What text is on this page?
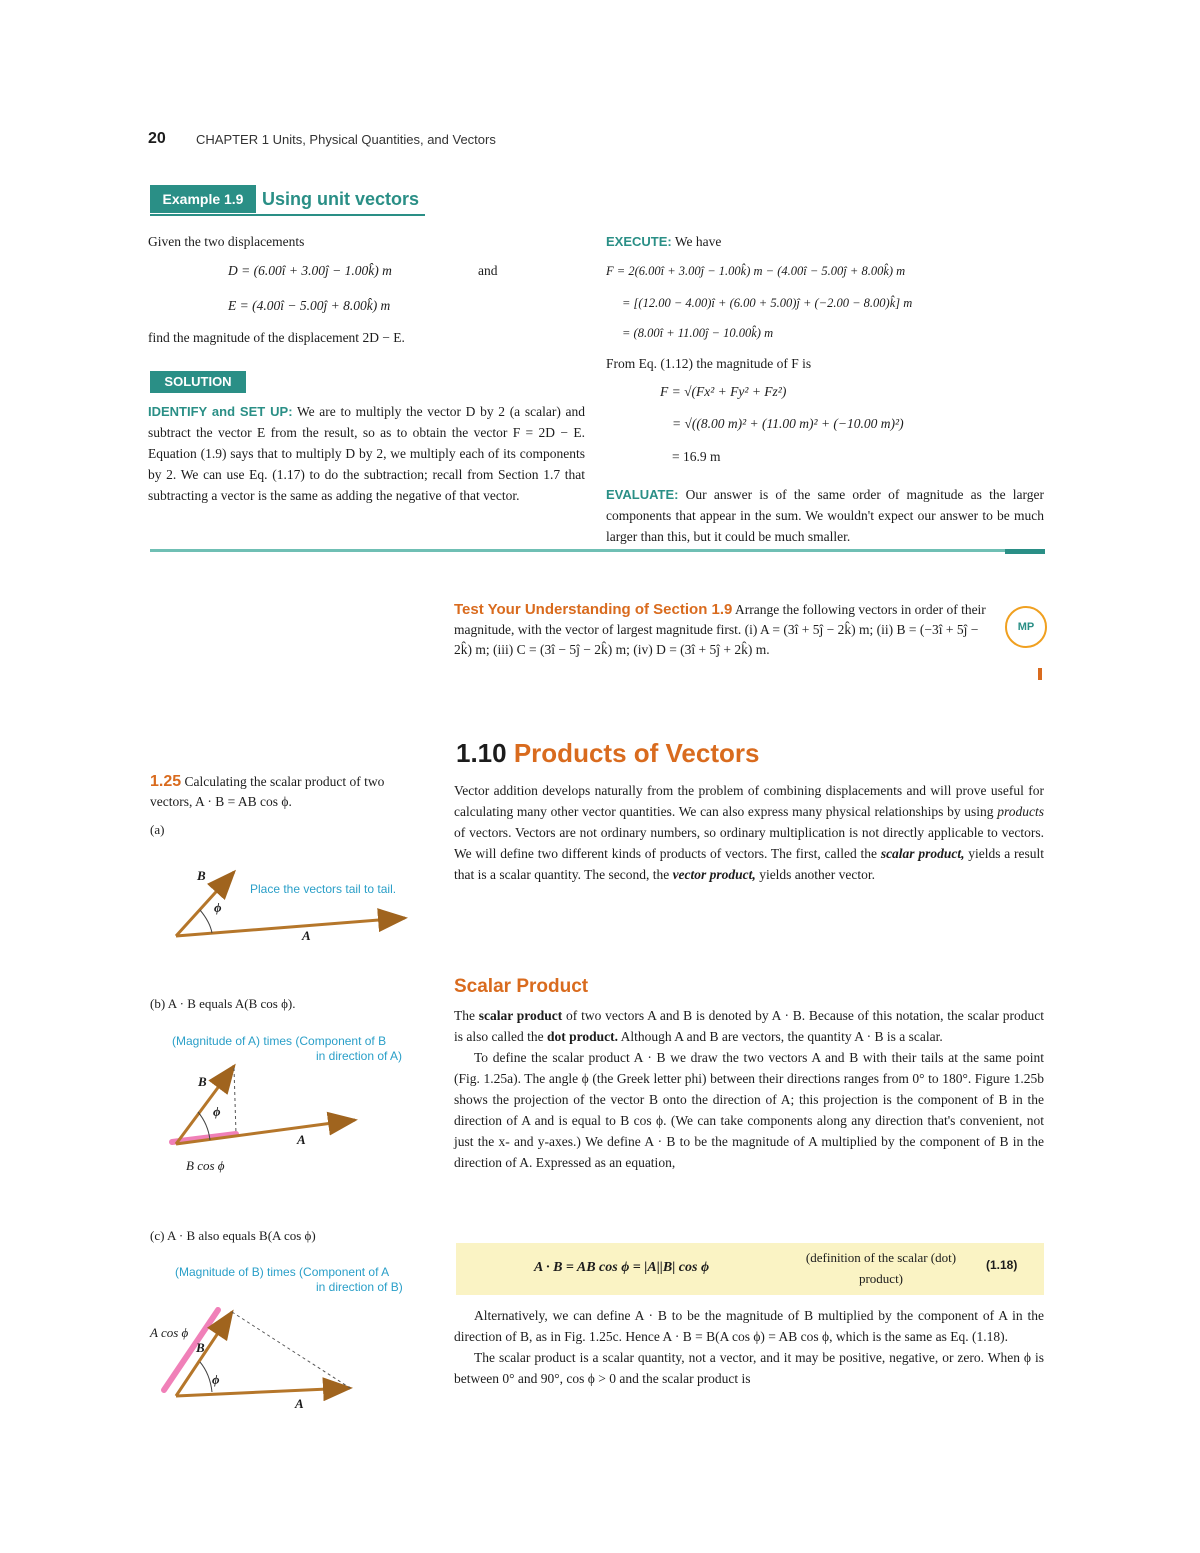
20 CHAPTER 1 Units, Physical Quantities, and Vectors
Example 1.9	Using unit vectors
Given the two displacements
D = (6.00î + 3.00ĵ − 1.00k̂) m	and
E = (4.00î − 5.00ĵ + 8.00k̂) m
find the magnitude of the displacement 2D − E.
SOLUTION
IDENTIFY and SET UP: We are to multiply the vector D by 2 (a scalar) and subtract the vector E from the result, so as to obtain the vector F = 2D − E. Equation (1.9) says that to multiply D by 2, we multiply each of its components by 2. We can use Eq. (1.17) to do the subtraction; recall from Section 1.7 that subtracting a vector is the same as adding the negative of that vector.
EXECUTE: We have
F = 2(6.00î + 3.00ĵ − 1.00k̂) m − (4.00î − 5.00ĵ + 8.00k̂) m
= [(12.00 − 4.00)î + (6.00 + 5.00)ĵ + (−2.00 − 8.00)k̂] m
= (8.00î + 11.00ĵ − 10.00k̂) m
From Eq. (1.12) the magnitude of F is
F = √(Fx² + Fy² + Fz²)
= √((8.00 m)² + (11.00 m)² + (−10.00 m)²)
= 16.9 m
EVALUATE: Our answer is of the same order of magnitude as the larger components that appear in the sum. We wouldn't expect our answer to be much larger than this, but it could be much smaller.
Test Your Understanding of Section 1.9 Arrange the following vectors in order of their magnitude, with the vector of largest magnitude first. (i) A = (3î + 5ĵ − 2k̂) m; (ii) B = (−3î + 5ĵ − 2k̂) m; (iii) C = (3î − 5ĵ − 2k̂) m; (iv) D = (3î + 5ĵ + 2k̂) m.
MP
1.10 Products of Vectors
Vector addition develops naturally from the problem of combining displacements and will prove useful for calculating many other vector quantities. We can also express many physical relationships by using products of vectors. Vectors are not ordinary numbers, so ordinary multiplication is not directly applicable to vectors. We will define two different kinds of products of vectors. The first, called the scalar product, yields a result that is a scalar quantity. The second, the vector product, yields another vector.
Scalar Product

The scalar product of two vectors A and B is denoted by A · B. Because of this notation, the scalar product is also called the dot product. Although A and B are vectors, the quantity A · B is a scalar.

To define the scalar product A · B we draw the two vectors A and B with their tails at the same point (Fig. 1.25a). The angle ϕ (the Greek letter phi) between their directions ranges from 0° to 180°. Figure 1.25b shows the projection of the vector B onto the direction of A; this projection is the component of B in the direction of A and is equal to B cos ϕ. (We can take components along any direction that's convenient, not just the x- and y-axes.) We define A · B to be the magnitude of A multiplied by the component of B in the direction of A. Expressed as an equation,

A · B = AB cos ϕ = |A||B| cos ϕ
(definition of the scalar (dot) product)
(1.18)

Alternatively, we can define A · B to be the magnitude of B multiplied by the component of A in the direction of B, as in Fig. 1.25c. Hence A · B = B(A cos ϕ) = AB cos ϕ, which is the same as Eq. (1.18).

The scalar product is a scalar quantity, not a vector, and it may be positive, negative, or zero. When ϕ is between 0° and 90°, cos ϕ > 0 and the scalar product is

1.25 Calculating the scalar product of two vectors, A · B = AB cos ϕ.
(a)
B
ϕ
A
Place the vectors tail to tail.
(b) A · B equals A(B cos ϕ).
(Magnitude of A) times (Component of B
in direction of A)
B
ϕ
A
B cos ϕ
(c) A · B also equals B(A cos ϕ)
(Magnitude of B) times (Component of A
in direction of B)
A cos ϕ
B
ϕ
A
